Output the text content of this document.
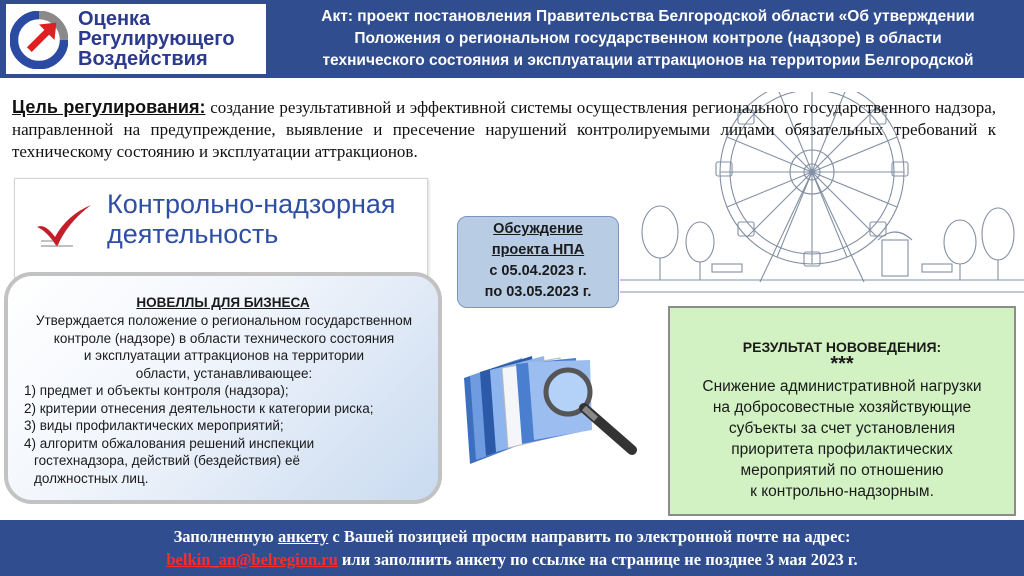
Оценка
Регулирующего
Воздействия
Акт: проект постановления Правительства Белгородской области «Об утверждении
Положения о региональном государственном контроле (надзоре) в области
технического состояния и эксплуатации аттракционов на территории Белгородской
Цель регулирования: создание результативной и эффективной системы осуществления регионального государственного надзора, направленной на предупреждение, выявление и пресечение нарушений контролируемыми лицами обязательных требований к техническому состоянию и эксплуатации аттракционов.
Контрольно-надзорная
деятельность	Обсуждение
проекта НПА
с 05.04.2023 г.
по 03.05.2023 г.
НОВЕЛЛЫ ДЛЯ БИЗНЕСА
Утверждается положение о региональном государственном
контроле (надзоре) в области технического состояния
и эксплуатации аттракционов на территории
области, устанавливающее:
1) предмет и объекты контроля (надзора);
2) критерии отнесения деятельности к категории риска;
3) виды профилактических мероприятий;
4) алгоритм обжалования решений инспекции
гостехнадзора, действий (бездействия) её
должностных лиц.
РЕЗУЛЬТАТ НОВОВЕДЕНИЯ:
***
Снижение административной нагрузки
на добросовестные хозяйствующие
субъекты за счет установления
приоритета профилактических
мероприятий по отношению
к контрольно-надзорным.
Заполненную анкету с Вашей позицией просим направить по электронной почте на адрес:
belkin_an@belregion.ru или заполнить анкету по ссылке на странице не позднее 3 мая 2023 г.
